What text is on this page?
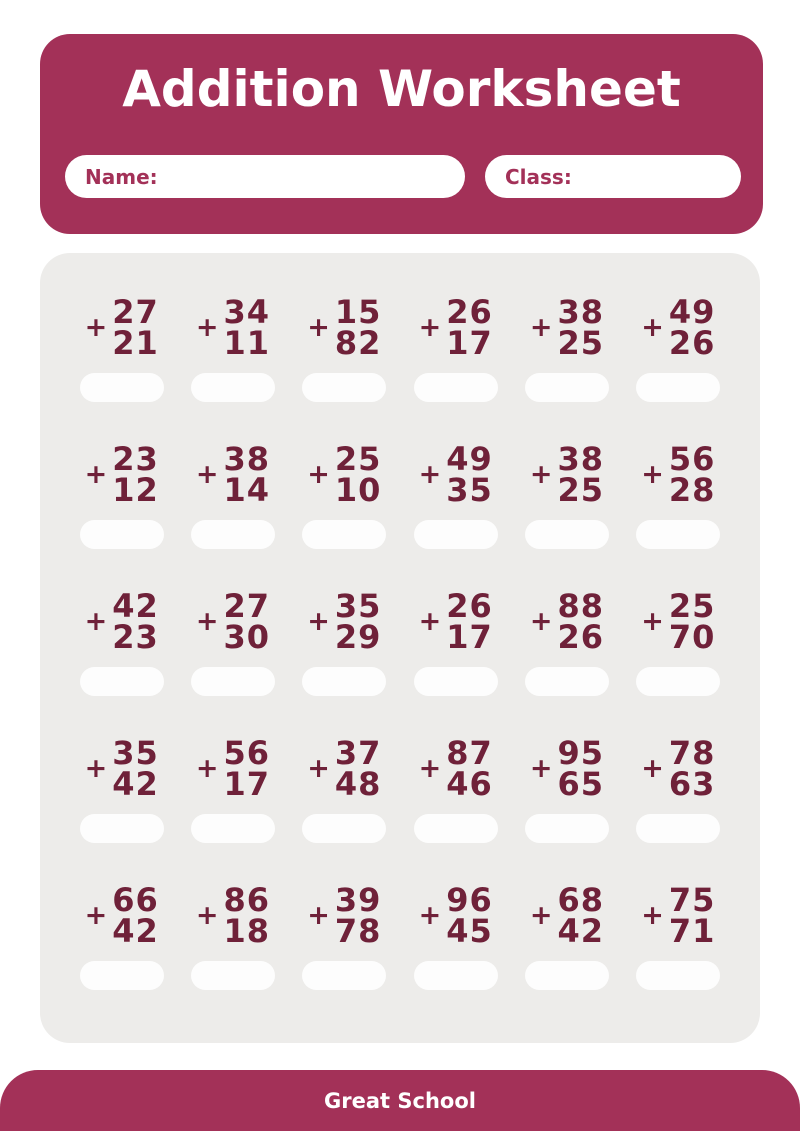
Addition Worksheet
Name:	Class:
+ 27
21 + 34
11 + 15
82 + 26
17 + 38
25 + 49
26
+ 23
12 + 38
14 + 25
10 + 49
35 + 38
25 + 56
28
+ 42
23 + 27
30 + 35
29 + 26
17 + 88
26 + 25
70
+ 35
42 + 56
17 + 37
48 + 87
46 + 95
65 + 78
63
+ 66
42 + 86
18 + 39
78 + 96
45 + 68
42 + 75
71
Great School
